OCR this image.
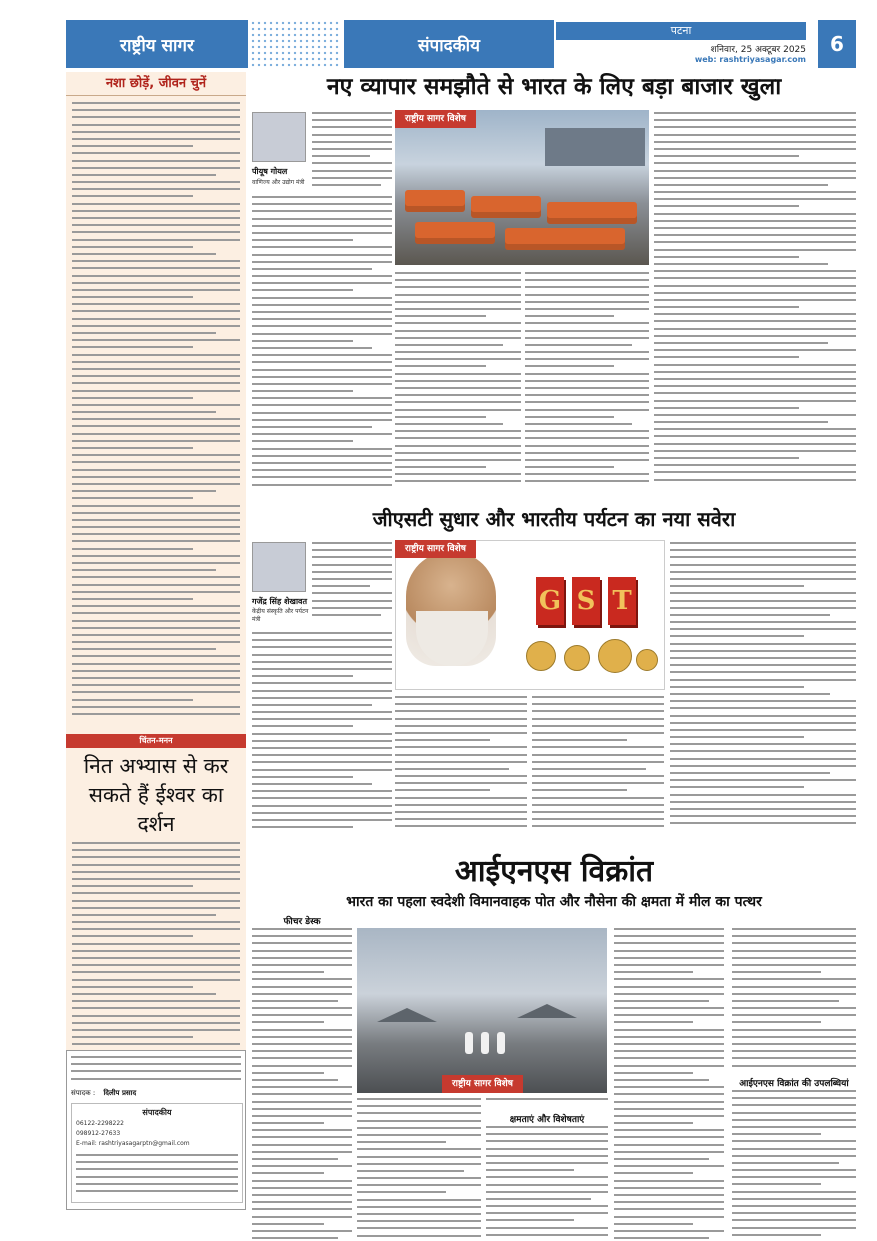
राष्ट्रीय सागर	संपादकीय
पटना
शनिवार, 25 अक्टूबर 2025
web: rashtriyasagar.com
6
नशा छोड़ें, जीवन चुनें
चिंतन-मनन
नित अभ्यास से कर सकते हैं ईश्वर का दर्शन
संपादक : दिलीप प्रसाद
संपादकीय
06122-2298222
098912-27633
E-mail: rashtriyasagarptn@gmail.com
नए व्यापार समझौते से भारत के लिए बड़ा बाजार खुला
पीयूष गोयल
वाणिज्य और उद्योग मंत्री
राष्ट्रीय सागर विशेष
जीएसटी सुधार और भारतीय पर्यटन का नया सवेरा
गजेंद्र सिंह शेखावत
केंद्रीय संस्कृति और पर्यटन मंत्री
G S T
राष्ट्रीय सागर विशेष
आईएनएस विक्रांत
भारत का पहला स्वदेशी विमानवाहक पोत और नौसेना की क्षमता में मील का पत्थर
फीचर डेस्क
राष्ट्रीय सागर विशेष
क्षमताएं और विशेषताएं
आईएनएस विक्रांत की उपलब्धियां
